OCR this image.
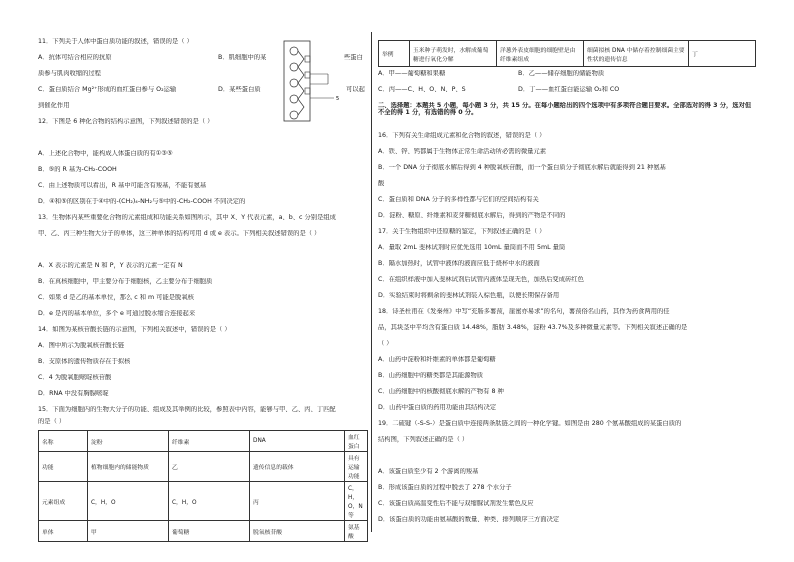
11．下列关于人体中蛋白质功能的叙述，错误的是（ ）
A．抗体可结合相应的抗原	B．肌细胞中的某	些蛋白
质参与肌肉收缩的过程
C．蛋白质结合 Mg²⁺形成的血红蛋白参与 O₂运输	D．某些蛋白质	可以起
到催化作用
12．下图是 6 种化合物的结构示意图，下列叙述错误的是（ ）
A．上述化合物中，能构成人体蛋白质的有①③⑤
B．⑤的 R 基为-CH₂-COOH
C．由上述物质可以看出，R 基中可能含有羧基，不能有氨基
D．④和⑤的区别在于④中的-(CH₂)₄-NH₂与⑤中的-CH₂-COOH 不同决定的
13．生物体内某些重要化合物的元素组成和功能关系如图所示，其中 X、Y 代表元素，a、b、c 分别是组成
甲、乙、丙三种生物大分子的单体，这三种单体的结构可用 d 或 e 表示。下列相关叙述错误的是（ ）
A．X 表示的元素是 N 和 P，Y 表示的元素一定有 N
B．在真核细胞中，甲主要分布于细胞核，乙主要分布于细胞质
C．如果 d 是乙的基本单位，那么 c 和 m 可能是脱氧核
D．e 是丙的基本单位，多个 e 可通过脱水缩合连接起来
14．如图为某核苷酸长链的示意图，下列相关叙述中，错误的是（ ）
A．图中所示为脱氧核苷酸长链
B．支原体的遗传物质存在于拟核
C．4 为脱氧胞嘧啶核苷酸
D．RNA 中没有胸腺嘧啶
15．下面为细胞内的生物大分子的功能、组成及其举例的比较，参照表中内容，能够与甲、乙、丙、丁匹配
的是（ ）
5
名称	淀粉	纤维素	DNA	血红蛋白
功能	植物细胞内的储能物质	乙	遗传信息的载体	具有运输功能
元素组成	C，H，O	C，H，O	丙	C，H，O，N等
单体	甲	葡萄糖	脱氧核苷酸	氨基酸
举例	玉米种子萌发时，水解成葡萄糖进行氧化分解	洋葱外表皮细胞的细胞壁是由纤维素组成	细菌拟核 DNA 中储存着控制细菌主要性状的遗传信息	丁
A．甲——葡萄糖和果糖	B．乙——储存细胞的储能物质
C．丙——C、H、O、N、P、S	D．丁——血红蛋白能运输 O₂和 CO
二、选择题：本题共 5 小题，每小题 3 分，共 15 分。在每小题给出的四个选项中有多项符合题目要求。全部选对的得 3 分，选对但不全的得 1 分，有选错的得 0 分。
16．下列有关生命组成元素和化合物的叙述，错误的是（ ）
A．铁、锌、钙都属于生物体正常生命活动所必需的微量元素
B．一个 DNA 分子彻底水解后得到 4 种脱氧核苷酸，而一个蛋白质分子彻底水解后就能得到 21 种氨基
酸
C．蛋白质和 DNA 分子的多样性都与它们的空间结构有关
D．淀粉、糖原、纤维素和麦芽糖彻底水解后，得到的产物是不同的
17．关于生物组织中还原糖的鉴定，下列叙述正确的是（ ）
A．量取 2mL 斐林试剂时应优先选用 10mL 量筒而不用 5mL 量筒
B．隔水加热时，试管中液体的液面应低于烧杯中水的液面
C．在组织样液中加入斐林试剂后试管内液体呈现无色，加热后变成砖红色
D．实验结束时将剩余的斐林试剂装入棕色瓶，以便长期保存备用
18．诗圣杜甫在《发秦州》中写“充肠多薯蓣，崖蜜亦易求”的名句，薯蓣俗名山药，其作为药食两用的佳
品，其块茎中平均含有蛋白质 14.48%，脂肪 3.48%，淀粉 43.7%及多种微量元素等。下列相关叙述正确的是
（ ）
A．山药中淀粉和纤维素的单体都是葡萄糖
B．山药细胞中的糖类都是其能源物质
C．山药细胞中的核酸彻底水解的产物有 8 种
D．山药中蛋白质的药用功能由其结构决定
19．二硫键（-S-S-）是蛋白质中连接两条肽链之间的一种化学键。如图是由 280 个氨基酸组成的某蛋白质的
结构图，下列叙述正确的是（ ）
A．该蛋白质至少有 2 个游离的羧基
B．形成该蛋白质的过程中脱去了 278 个水分子
C．该蛋白质高温变性后不能与双缩脲试剂发生紫色反应
D．该蛋白质的功能由氨基酸的数量、种类、排列顺序三方面决定
